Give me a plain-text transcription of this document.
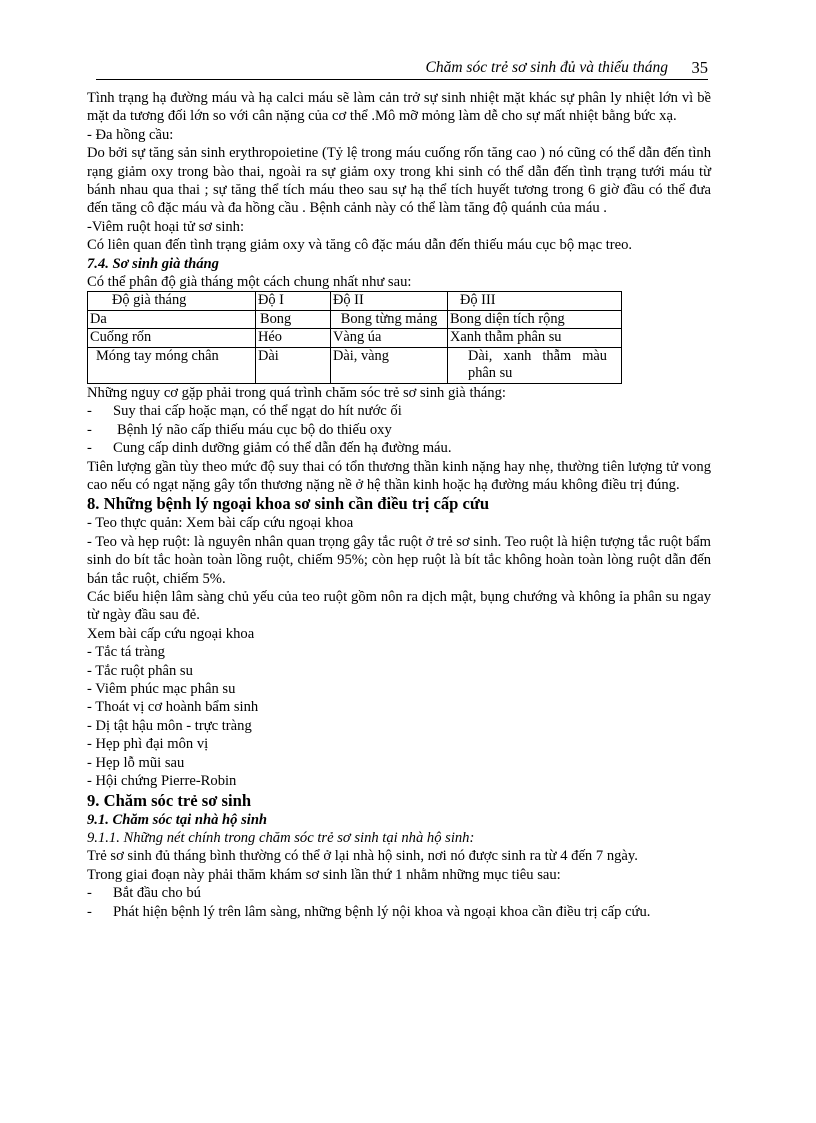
Chăm sóc trẻ sơ sinh đủ và thiếu tháng 35

Tình trạng hạ đường máu và hạ calci máu sẽ làm cản trở sự sinh nhiệt mặt khác sự phân ly nhiệt lớn vì bề mặt da tương đối lớn so với cân nặng của cơ thể .Mô mỡ mỏng làm dễ cho sự mất nhiệt bằng bức xạ.

- Đa hồng cầu:

Do bởi sự tăng sản sinh erythropoietine (Tỷ lệ trong máu cuống rốn tăng cao ) nó cũng có thể dẫn đến tình rạng giảm oxy trong bào thai, ngoài ra sự giảm oxy trong khi sinh có thể dẫn đến tình trạng tưới máu từ bánh nhau qua thai ; sự tăng thể tích máu theo sau sự hạ thể tích huyết tương trong 6 giờ đầu có thể đưa đến tăng cô đặc máu và đa hồng cầu . Bệnh cảnh này có thể làm tăng độ quánh của máu .

-Viêm ruột hoại tử sơ sinh:

Có liên quan đến tình trạng giảm oxy và tăng cô đặc máu dẫn đến thiếu máu cục bộ mạc treo.

7.4. Sơ sinh già tháng

Có thể phân độ già tháng một cách chung nhất như sau:

Độ già tháng	Độ I	Độ II	Độ III
Da	Bong	Bong từng mảng	Bong diện tích rộng
Cuống rốn	Héo	Vàng úa	Xanh thẫm phân su
Móng tay móng chân	Dài	Dài, vàng	Dài, xanh thẫm màu phân su

Những nguy cơ gặp phải trong quá trình chăm sóc trẻ sơ sinh già tháng:

-	Suy thai cấp hoặc mạn, có thể ngạt do hít nước ối
-	Bệnh lý não cấp thiếu máu cục bộ do thiếu oxy
-	Cung cấp dinh dưỡng giảm có thể dẫn đến hạ đường máu.

Tiên lượng gần tùy theo mức độ suy thai có tổn thương thần kinh nặng hay nhẹ, thường tiên lượng tử vong cao nếu có ngạt nặng gây tổn thương nặng nề ở hệ thần kinh hoặc hạ đường máu không điều trị đúng.

8. Những bệnh lý ngoại khoa sơ sinh cần điều trị cấp cứu

- Teo thực quản: Xem bài cấp cứu ngoại khoa

- Teo và hẹp ruột: là nguyên nhân quan trọng gây tắc ruột ở trẻ sơ sinh. Teo ruột là hiện tượng tắc ruột bẩm sinh do bít tắc hoàn toàn lồng ruột, chiếm 95%; còn hẹp ruột là bít tắc không hoàn toàn lòng ruột dẫn đến bán tắc ruột, chiếm 5%.

Các biểu hiện lâm sàng chủ yếu của teo ruột gồm nôn ra dịch mật, bụng chướng và không ỉa phân su ngay từ ngày đầu sau đẻ.

Xem bài cấp cứu ngoại khoa

- Tắc tá tràng

- Tắc ruột phân su

- Viêm phúc mạc phân su

- Thoát vị cơ hoành bẩm sinh

- Dị tật hậu môn - trực tràng

- Hẹp phì đại môn vị

- Hẹp lỗ mũi sau

- Hội chứng Pierre-Robin

9. Chăm sóc trẻ sơ sinh

9.1. Chăm sóc tại nhà hộ sinh

9.1.1. Những nét chính trong chăm sóc trẻ sơ sinh tại nhà hộ sinh:

Trẻ sơ sinh đủ tháng bình thường có thể ở lại nhà hộ sinh, nơi nó được sinh ra từ 4 đến 7 ngày.

Trong giai đoạn này phải thăm khám sơ sinh lần thứ 1 nhằm những mục tiêu sau:

-	Bắt đầu cho bú
-	Phát hiện bệnh lý trên lâm sàng, những bệnh lý nội khoa và ngoại khoa cần điều trị cấp cứu.
